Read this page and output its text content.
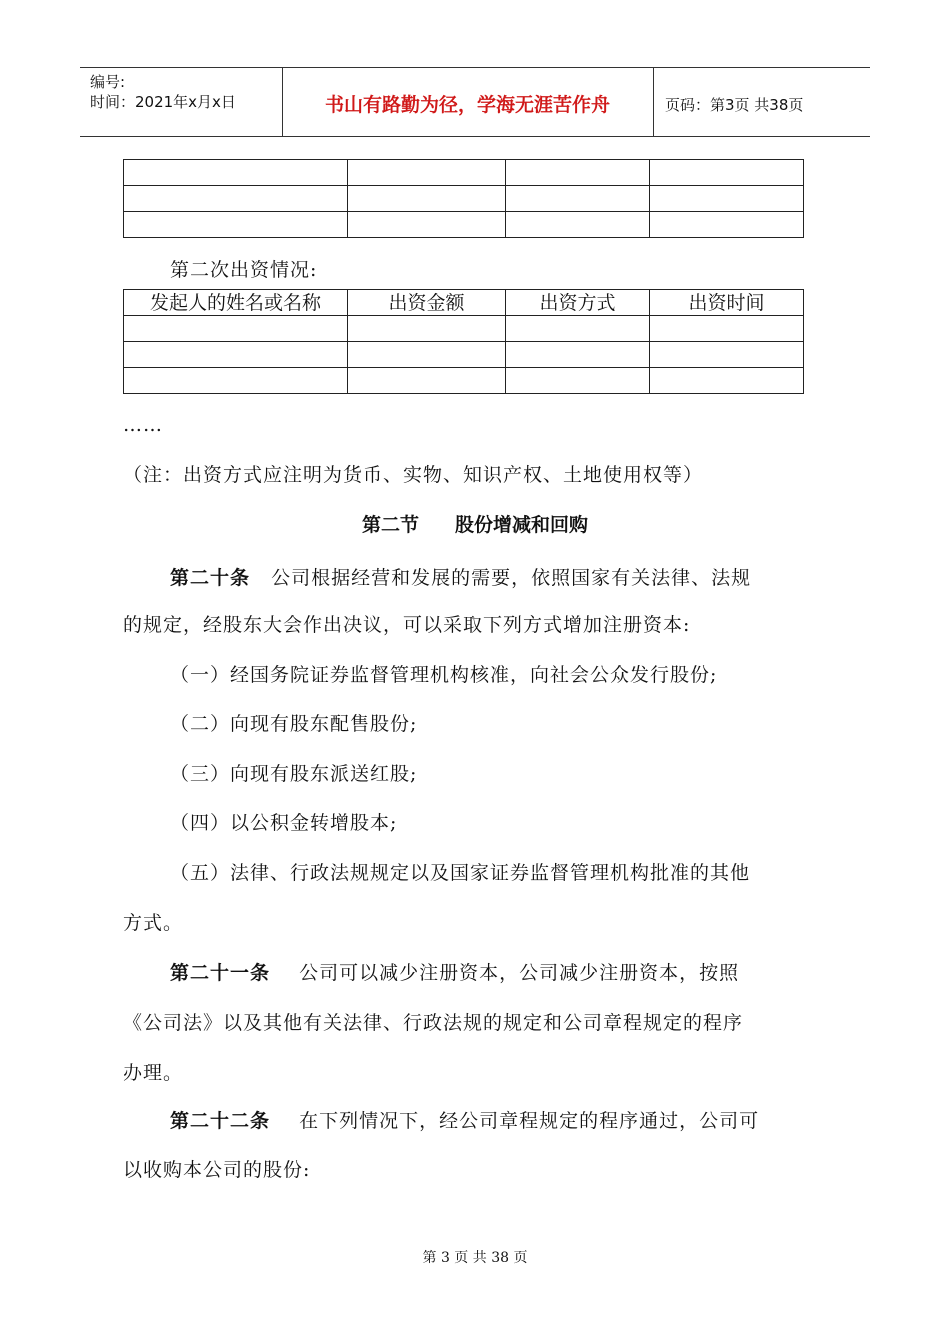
编号:
时间：2021年x月x日	书山有路勤为径，学海无涯苦作舟	页码：第3页 共38页

第二次出资情况:
发起人的姓名或名称	出资金额	出资方式	出资时间

……
（注：出资方式应注明为货币、实物、知识产权、土地使用权等）
第二节 股份增减和回购
第二十条 公司根据经营和发展的需要，依照国家有关法律、法规
的规定，经股东大会作出决议，可以采取下列方式增加注册资本:
（一）经国务院证券监督管理机构核准，向社会公众发行股份;
（二）向现有股东配售股份;
（三）向现有股东派送红股;
（四）以公积金转增股本;
（五）法律、行政法规规定以及国家证券监督管理机构批准的其他
方式。
第二十一条 公司可以减少注册资本，公司减少注册资本，按照
《公司法》以及其他有关法律、行政法规的规定和公司章程规定的程序
办理。
第二十二条 在下列情况下，经公司章程规定的程序通过，公司可
以收购本公司的股份:
第 3 页 共 38 页
